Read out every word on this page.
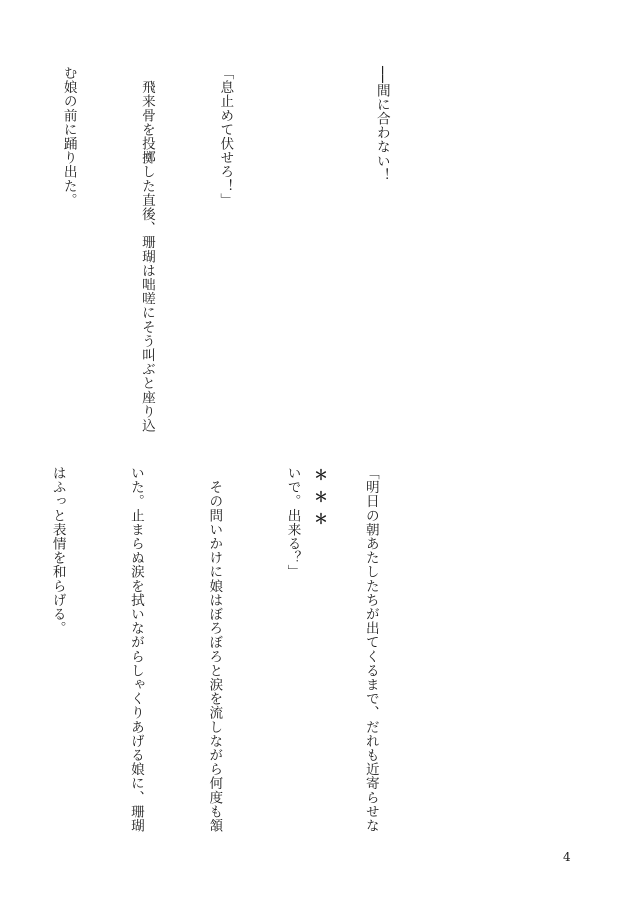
──間に合わない！

「息止めて伏せろ！」

　飛来骨を投擲した直後、珊瑚は咄嗟にそう叫ぶと座り込

む娘の前に踊り出た。

「明日の朝あたしたちが出てくるまで、だれも近寄らせな

いで。出来る？」

　その問いかけに娘はぼろぼろと涙を流しながら何度も頷

いた。止まらぬ涙を拭いながらしゃくりあげる娘に、珊瑚

はふっと表情を和らげる。

	＊＊＊
4
